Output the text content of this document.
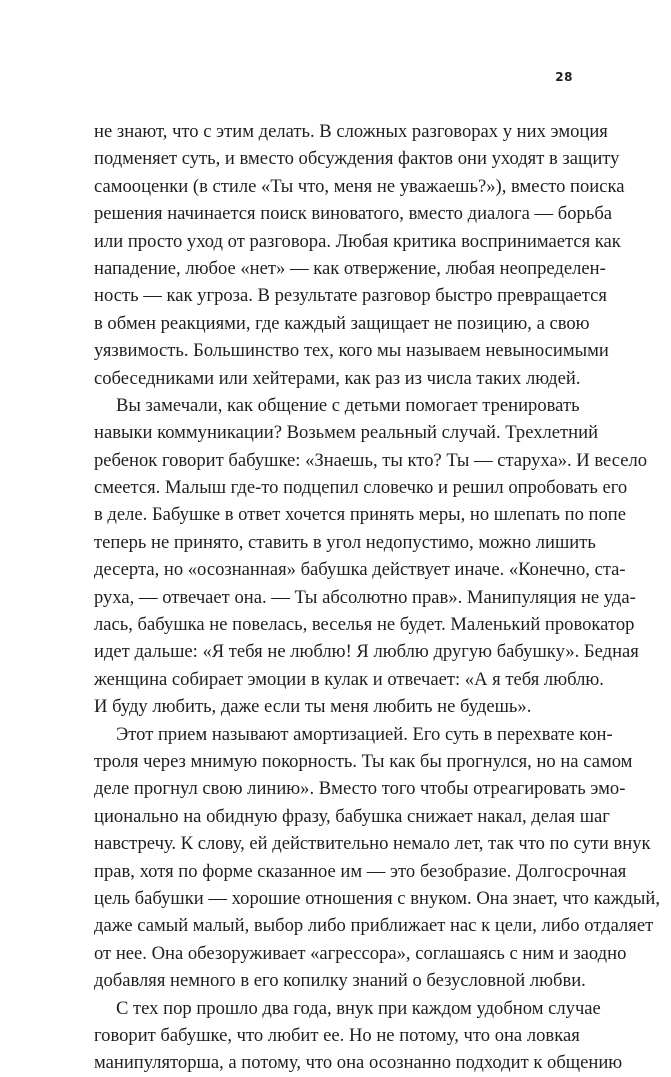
28
не знают, что с этим делать. В сложных разговорах у них эмоция
подменяет суть, и вместо обсуждения фактов они уходят в защиту
самооценки (в стиле «Ты что, меня не уважаешь?»), вместо поиска
решения начинается поиск виноватого, вместо диалога — борьба
или просто уход от разговора. Любая критика воспринимается как
нападение, любое «нет» — как отвержение, любая неопределен-
ность — как угроза. В результате разговор быстро превращается
в обмен реакциями, где каждый защищает не позицию, а свою
уязвимость. Большинство тех, кого мы называем невыносимыми
собеседниками или хейтерами, как раз из числа таких людей.
Вы замечали, как общение с детьми помогает тренировать
навыки коммуникации? Возьмем реальный случай. Трехлетний
ребенок говорит бабушке: «Знаешь, ты кто? Ты — старуха». И весело
смеется. Малыш где-то подцепил словечко и решил опробовать его
в деле. Бабушке в ответ хочется принять меры, но шлепать по попе
теперь не принято, ставить в угол недопустимо, можно лишить
десерта, но «осознанная» бабушка действует иначе. «Конечно, ста-
руха, — отвечает она. — Ты абсолютно прав». Манипуляция не уда-
лась, бабушка не повелась, веселья не будет. Маленький провокатор
идет дальше: «Я тебя не люблю! Я люблю другую бабушку». Бедная
женщина собирает эмоции в кулак и отвечает: «А я тебя люблю.
И буду любить, даже если ты меня любить не будешь».
Этот прием называют амортизацией. Его суть в перехвате кон-
троля через мнимую покорность. Ты как бы прогнулся, но на самом
деле прогнул свою линию». Вместо того чтобы отреагировать эмо-
ционально на обидную фразу, бабушка снижает накал, делая шаг
навстречу. К слову, ей действительно немало лет, так что по сути внук
прав, хотя по форме сказанное им — это безобразие. Долгосрочная
цель бабушки — хорошие отношения с внуком. Она знает, что каждый,
даже самый малый, выбор либо приближает нас к цели, либо отдаляет
от нее. Она обезоруживает «агрессора», соглашаясь с ним и заодно
добавляя немного в его копилку знаний о безусловной любви.
С тех пор прошло два года, внук при каждом удобном случае
говорит бабушке, что любит ее. Но не потому, что она ловкая
манипуляторша, а потому, что она осознанно подходит к общению
